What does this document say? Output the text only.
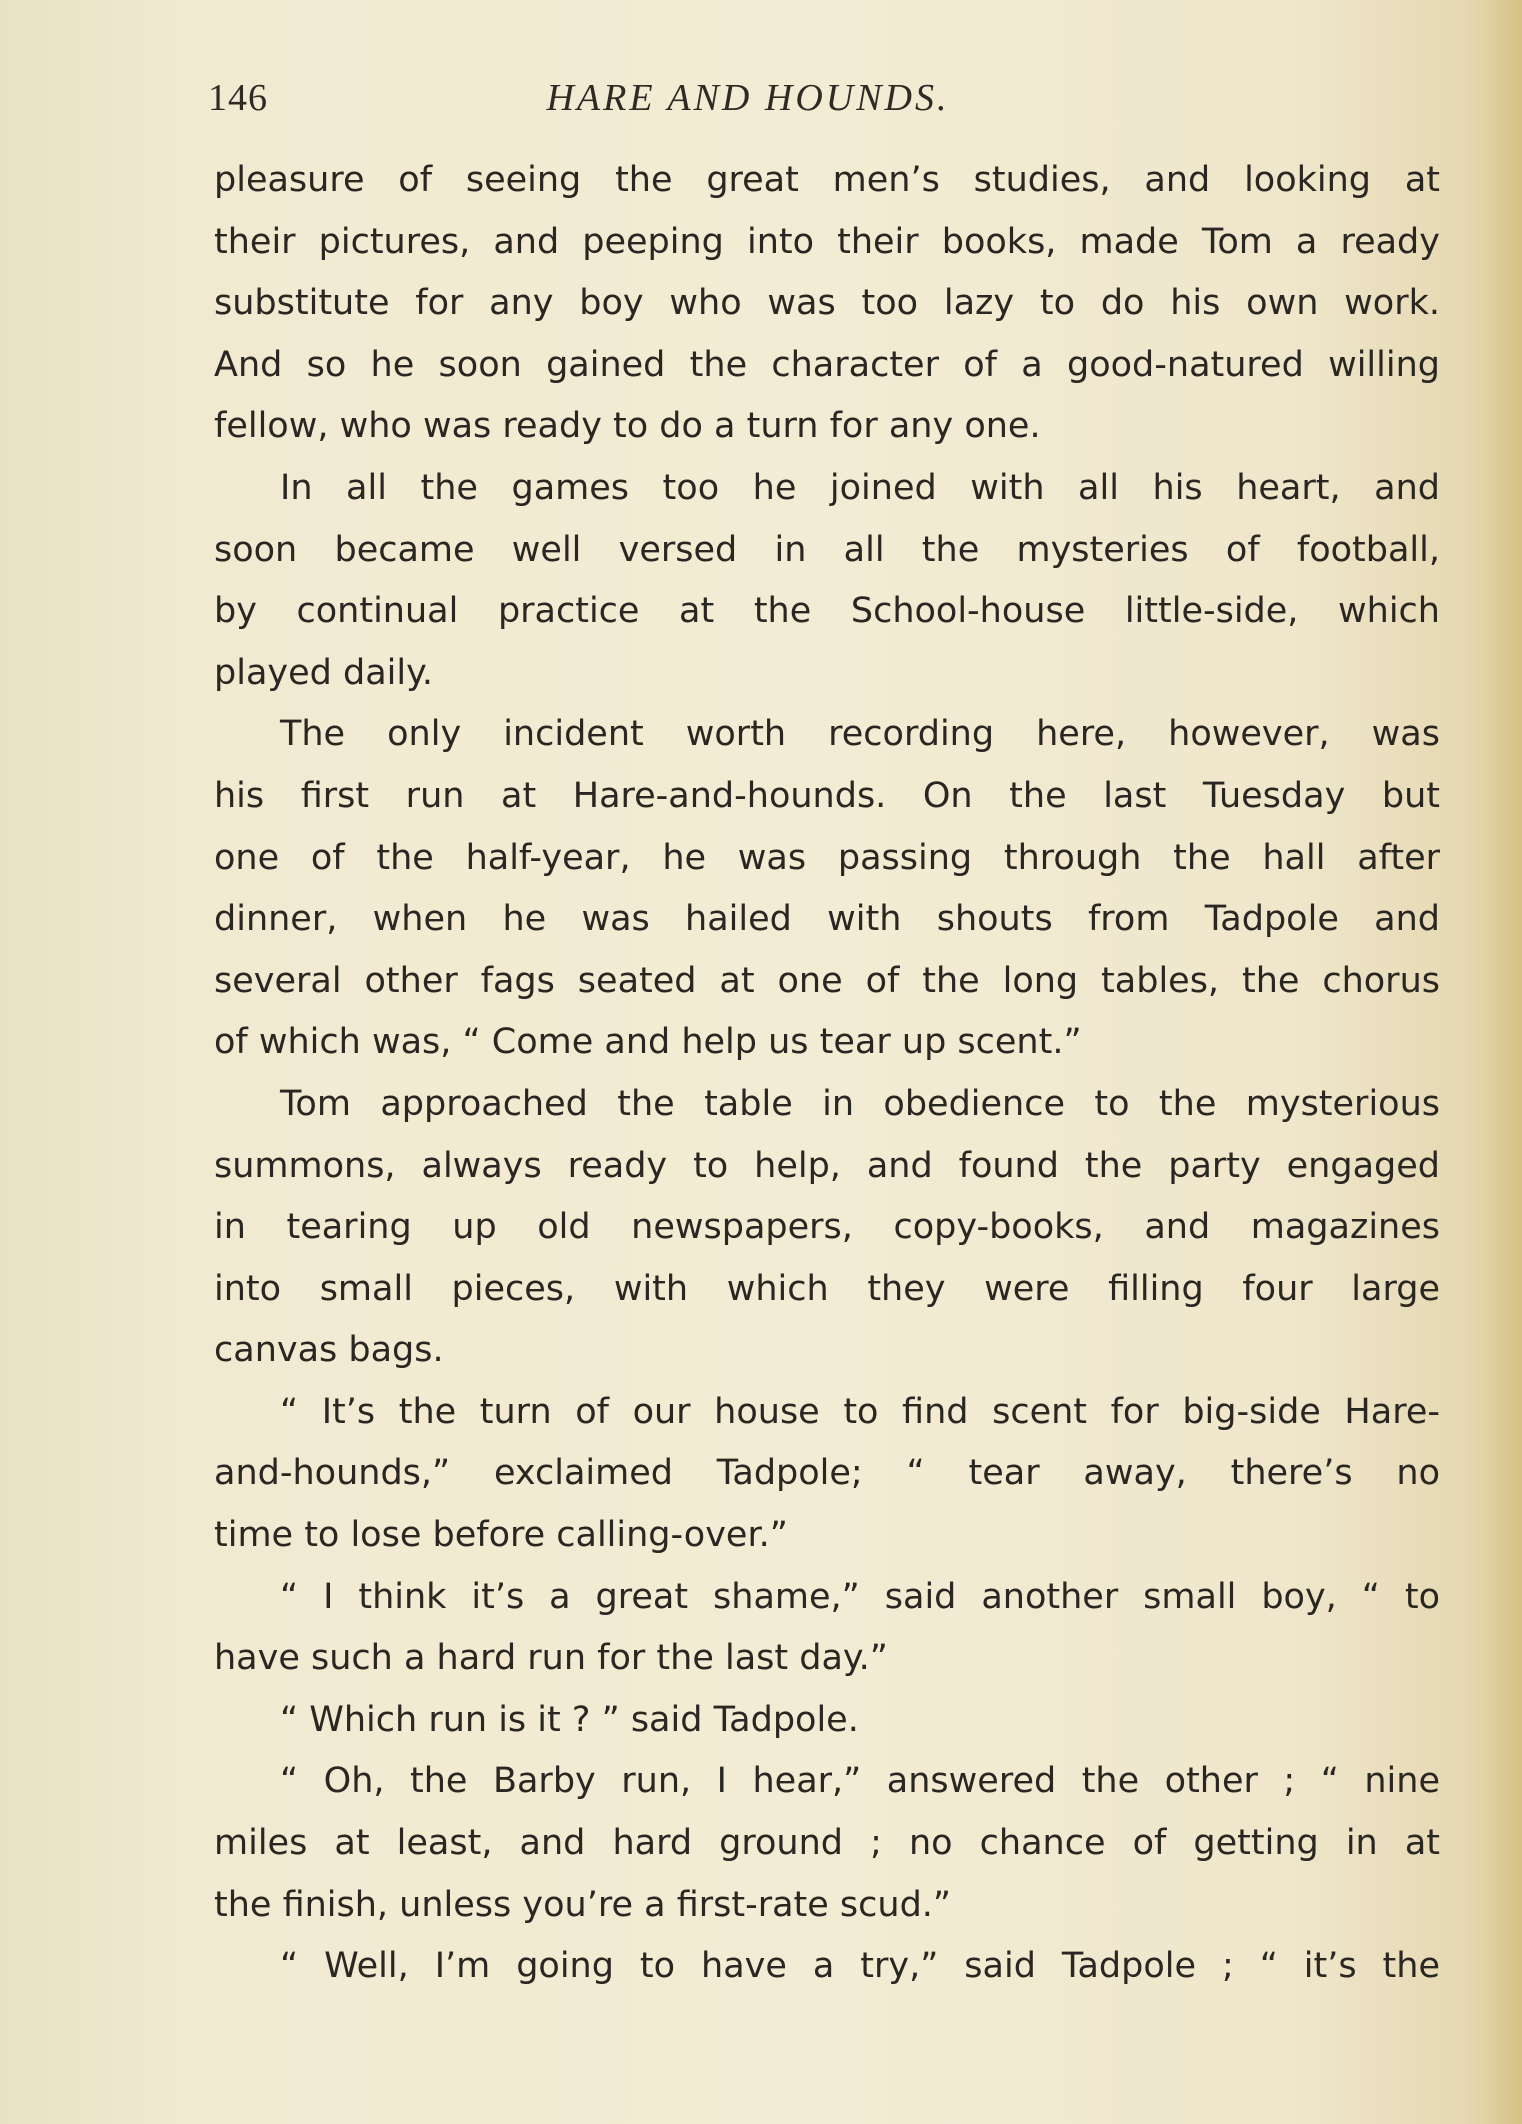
146	HARE AND HOUNDS.
pleasure of seeing the great men’s studies, and looking at
their pictures, and peeping into their books, made Tom a ready
substitute for any boy who was too lazy to do his own work.
And so he soon gained the character of a good-natured willing
fellow, who was ready to do a turn for any one.
In all the games too he joined with all his heart, and
soon became well versed in all the mysteries of football,
by continual practice at the School-house little-side, which
played daily.
The only incident worth recording here, however, was
his first run at Hare-and-hounds. On the last Tuesday but
one of the half-year, he was passing through the hall after
dinner, when he was hailed with shouts from Tadpole and
several other fags seated at one of the long tables, the chorus
of which was, “ Come and help us tear up scent.”
Tom approached the table in obedience to the mysterious
summons, always ready to help, and found the party engaged
in tearing up old newspapers, copy-books, and magazines
into small pieces, with which they were filling four large
canvas bags.
“ It’s the turn of our house to find scent for big-side Hare-
and-hounds,” exclaimed Tadpole; “ tear away, there’s no
time to lose before calling-over.”
“ I think it’s a great shame,” said another small boy, “ to
have such a hard run for the last day.”
“ Which run is it ? ” said Tadpole.
“ Oh, the Barby run, I hear,” answered the other ; “ nine
miles at least, and hard ground ; no chance of getting in at
the finish, unless you’re a first-rate scud.”
“ Well, I’m going to have a try,” said Tadpole ; “ it’s the
